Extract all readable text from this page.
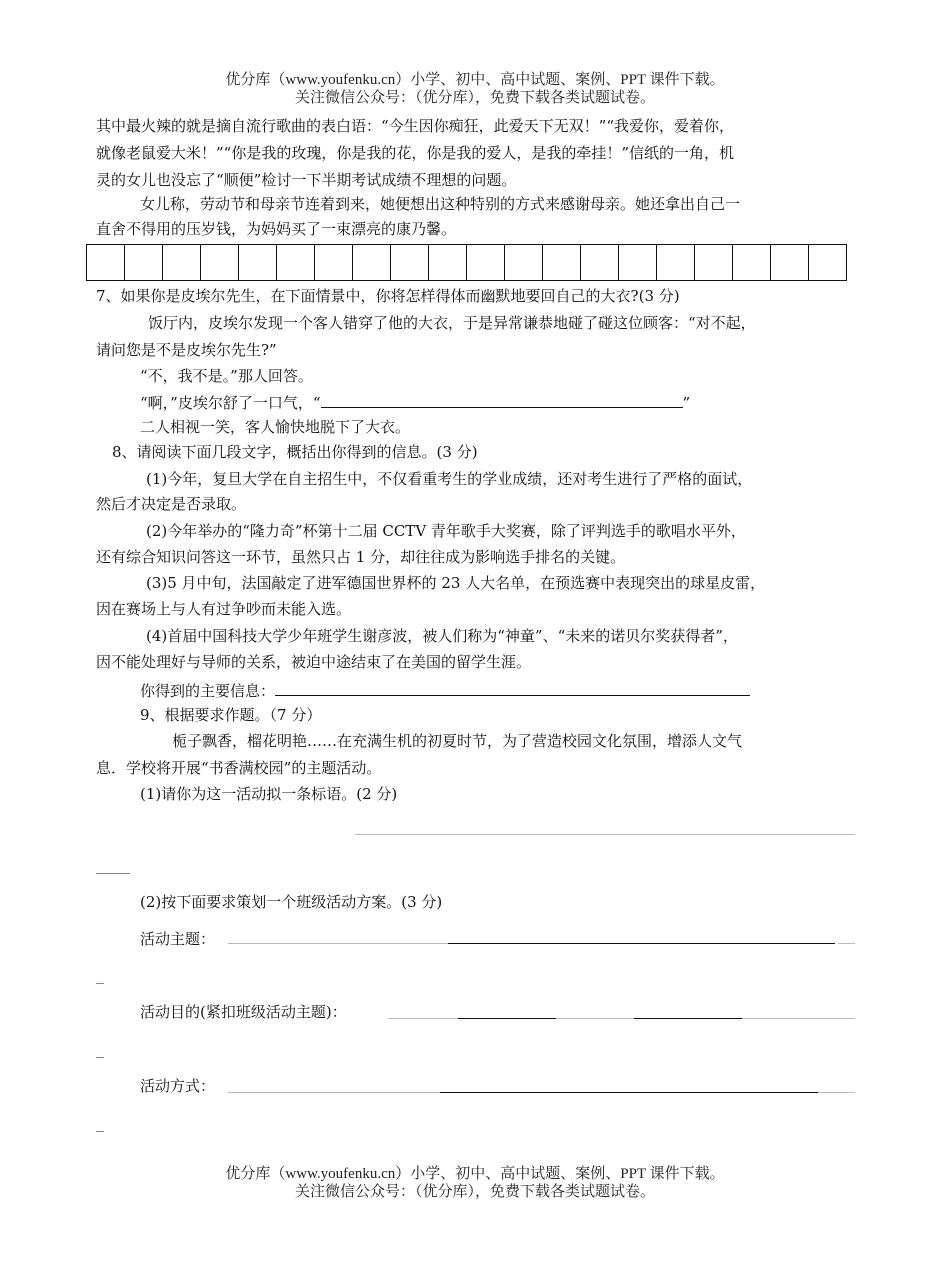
优分库（www.youfenku.cn）小学、初中、高中试题、案例、PPT 课件下载。
关注微信公众号：（优分库），免费下载各类试题试卷。
其中最火辣的就是摘自流行歌曲的表白语：“今生因你痴狂，此爱天下无双！”“我爱你，爱着你，
就像老鼠爱大米！”“你是我的玫瑰，你是我的花，你是我的爱人，是我的牵挂！”信纸的一角，机
灵的女儿也没忘了“顺便”检讨一下半期考试成绩不理想的问题。
女儿称，劳动节和母亲节连着到来，她便想出这种特别的方式来感谢母亲。她还拿出自己一
直舍不得用的压岁钱，为妈妈买了一束漂亮的康乃馨。
7、如果你是皮埃尔先生，在下面情景中，你将怎样得体而幽默地要回自己的大衣?(3 分)
饭厅内，皮埃尔发现一个客人错穿了他的大衣，于是异常谦恭地碰了碰这位顾客：“对不起，
请问您是不是皮埃尔先生?”
“不，我不是。”那人回答。
“啊，”皮埃尔舒了一口气，“	”
二人相视一笑，客人愉快地脱下了大衣。
8、请阅读下面几段文字，概括出你得到的信息。(3 分)
(1)今年，复旦大学在自主招生中，不仅看重考生的学业成绩，还对考生进行了严格的面试，
然后才决定是否录取。
(2)今年举办的“隆力奇”杯第十二届 CCTV 青年歌手大奖赛，除了评判选手的歌唱水平外，
还有综合知识问答这一环节，虽然只占 1 分，却往往成为影响选手排名的关键。
(3)5 月中旬，法国敲定了进军德国世界杯的 23 人大名单，在预选赛中表现突出的球星皮雷，
因在赛场上与人有过争吵而未能入选。
(4)首届中国科技大学少年班学生谢彦波，被人们称为“神童”、“未来的诺贝尔奖获得者”，
因不能处理好与导师的关系，被迫中途结束了在美国的留学生涯。
你得到的主要信息：
9、根据要求作题。（7 分）
栀子飘香，榴花明艳……在充满生机的初夏时节，为了营造校园文化氛围，增添人文气
息．学校将开展“书香满校园”的主题活动。
(1)请你为这一活动拟一条标语。(2 分)
(2)按下面要求策划一个班级活动方案。(3 分)
活动主题：
活动目的(紧扣班级活动主题)：
活动方式：
优分库（www.youfenku.cn）小学、初中、高中试题、案例、PPT 课件下载。
关注微信公众号：（优分库），免费下载各类试题试卷。
